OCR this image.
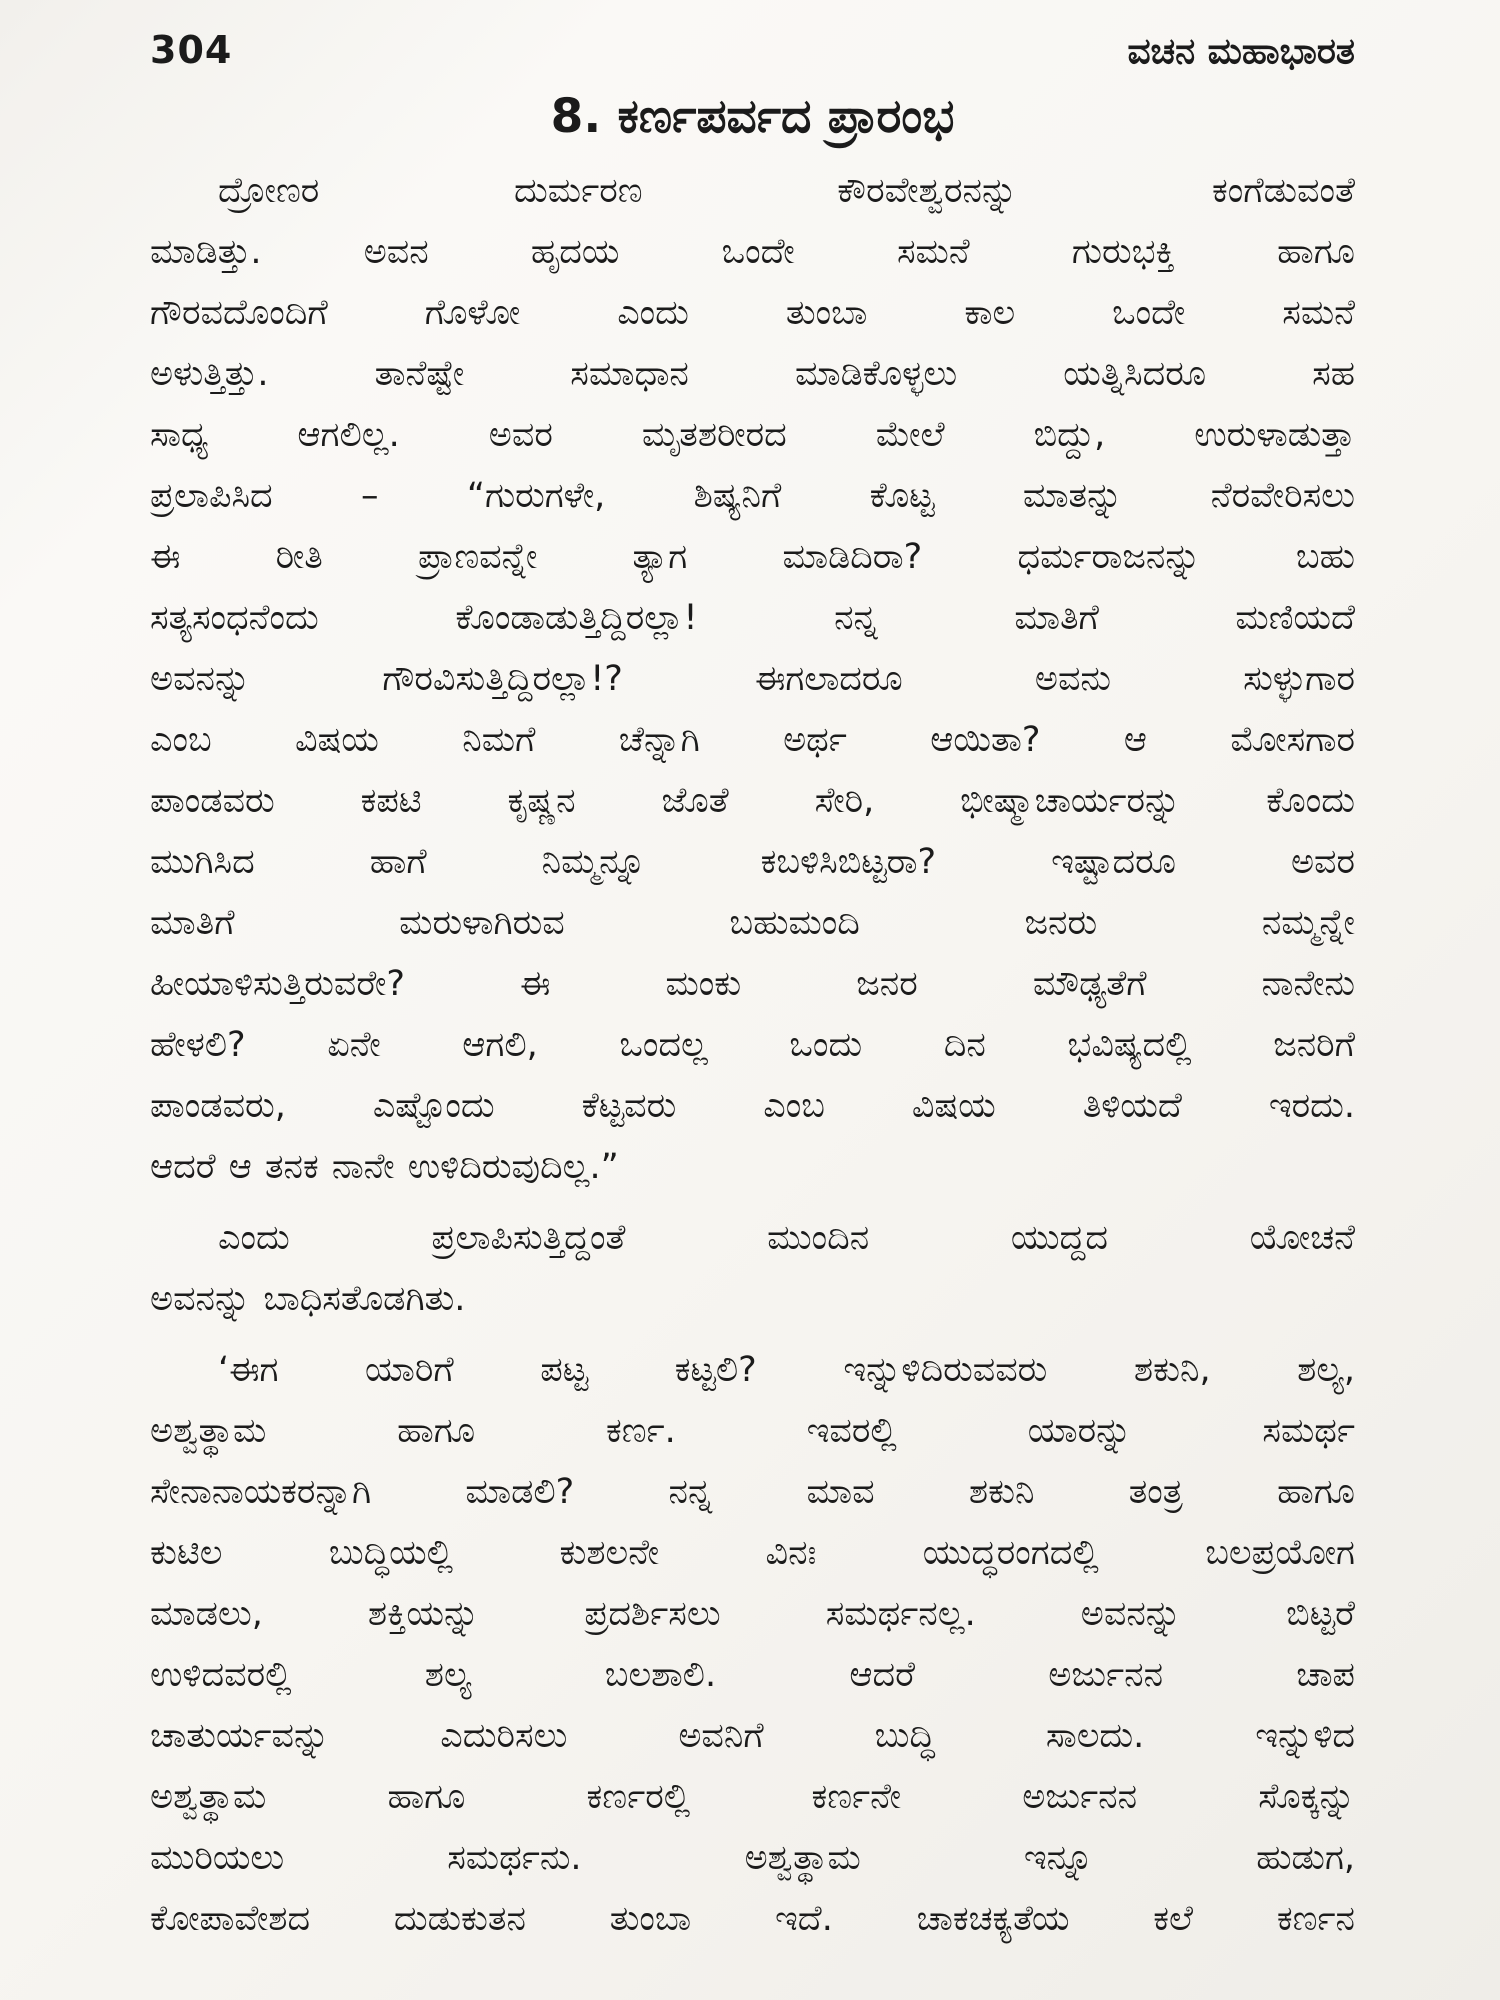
304	ವಚನ ಮಹಾಭಾರತ
8. ಕರ್ಣಪರ್ವದ ಪ್ರಾರಂಭ
ದ್ರೋಣರ ದುರ್ಮರಣ ಕೌರವೇಶ್ವರನನ್ನು ಕಂಗೆಡುವಂತೆ
ಮಾಡಿತ್ತು. ಅವನ ಹೃದಯ ಒಂದೇ ಸಮನೆ ಗುರುಭಕ್ತಿ ಹಾಗೂ
ಗೌರವದೊಂದಿಗೆ ಗೊಳೋ ಎಂದು ತುಂಬಾ ಕಾಲ ಒಂದೇ ಸಮನೆ
ಅಳುತ್ತಿತ್ತು. ತಾನೆಷ್ಟೇ ಸಮಾಧಾನ ಮಾಡಿಕೊಳ್ಳಲು ಯತ್ನಿಸಿದರೂ ಸಹ
ಸಾಧ್ಯ ಆಗಲಿಲ್ಲ. ಅವರ ಮೃತಶರೀರದ ಮೇಲೆ ಬಿದ್ದು, ಉರುಳಾಡುತ್ತಾ
ಪ್ರಲಾಪಿಸಿದ – “ಗುರುಗಳೇ, ಶಿಷ್ಯನಿಗೆ ಕೊಟ್ಟ ಮಾತನ್ನು ನೆರವೇರಿಸಲು
ಈ ರೀತಿ ಪ್ರಾಣವನ್ನೇ ತ್ಯಾಗ ಮಾಡಿದಿರಾ? ಧರ್ಮರಾಜನನ್ನು ಬಹು
ಸತ್ಯಸಂಧನೆಂದು ಕೊಂಡಾಡುತ್ತಿದ್ದಿರಲ್ಲಾ! ನನ್ನ ಮಾತಿಗೆ ಮಣಿಯದೆ
ಅವನನ್ನು ಗೌರವಿಸುತ್ತಿದ್ದಿರಲ್ಲಾ!? ಈಗಲಾದರೂ ಅವನು ಸುಳ್ಳುಗಾರ
ಎಂಬ ವಿಷಯ ನಿಮಗೆ ಚೆನ್ನಾಗಿ ಅರ್ಥ ಆಯಿತಾ? ಆ ಮೋಸಗಾರ
ಪಾಂಡವರು ಕಪಟಿ ಕೃಷ್ಣನ ಜೊತೆ ಸೇರಿ, ಭೀಷ್ಮಾಚಾರ್ಯರನ್ನು ಕೊಂದು
ಮುಗಿಸಿದ ಹಾಗೆ ನಿಮ್ಮನ್ನೂ ಕಬಳಿಸಿಬಿಟ್ಟರಾ? ಇಷ್ಟಾದರೂ ಅವರ
ಮಾತಿಗೆ ಮರುಳಾಗಿರುವ ಬಹುಮಂದಿ ಜನರು ನಮ್ಮನ್ನೇ
ಹೀಯಾಳಿಸುತ್ತಿರುವರೇ? ಈ ಮಂಕು ಜನರ ಮೌಢ್ಯತೆಗೆ ನಾನೇನು
ಹೇಳಲಿ? ಏನೇ ಆಗಲಿ, ಒಂದಲ್ಲ ಒಂದು ದಿನ ಭವಿಷ್ಯದಲ್ಲಿ ಜನರಿಗೆ
ಪಾಂಡವರು, ಎಷ್ಟೊಂದು ಕೆಟ್ಟವರು ಎಂಬ ವಿಷಯ ತಿಳಿಯದೆ ಇರದು.
ಆದರೆ ಆ ತನಕ ನಾನೇ ಉಳಿದಿರುವುದಿಲ್ಲ.”
ಎಂದು ಪ್ರಲಾಪಿಸುತ್ತಿದ್ದಂತೆ ಮುಂದಿನ ಯುದ್ದದ ಯೋಚನೆ
ಅವನನ್ನು ಬಾಧಿಸತೊಡಗಿತು.
‘ಈಗ ಯಾರಿಗೆ ಪಟ್ಟ ಕಟ್ಟಲಿ? ಇನ್ನುಳಿದಿರುವವರು ಶಕುನಿ, ಶಲ್ಯ,
ಅಶ್ವತ್ಥಾಮ ಹಾಗೂ ಕರ್ಣ. ಇವರಲ್ಲಿ ಯಾರನ್ನು ಸಮರ್ಥ
ಸೇನಾನಾಯಕರನ್ನಾಗಿ ಮಾಡಲಿ? ನನ್ನ ಮಾವ ಶಕುನಿ ತಂತ್ರ ಹಾಗೂ
ಕುಟಿಲ ಬುದ್ಧಿಯಲ್ಲಿ ಕುಶಲನೇ ವಿನಃ ಯುದ್ಧರಂಗದಲ್ಲಿ ಬಲಪ್ರಯೋಗ
ಮಾಡಲು, ಶಕ್ತಿಯನ್ನು ಪ್ರದರ್ಶಿಸಲು ಸಮರ್ಥನಲ್ಲ. ಅವನನ್ನು ಬಿಟ್ಟರೆ
ಉಳಿದವರಲ್ಲಿ ಶಲ್ಯ ಬಲಶಾಲಿ. ಆದರೆ ಅರ್ಜುನನ ಚಾಪ
ಚಾತುರ್ಯವನ್ನು ಎದುರಿಸಲು ಅವನಿಗೆ ಬುದ್ಧಿ ಸಾಲದು. ಇನ್ನುಳಿದ
ಅಶ್ವತ್ಥಾಮ ಹಾಗೂ ಕರ್ಣರಲ್ಲಿ ಕರ್ಣನೇ ಅರ್ಜುನನ ಸೊಕ್ಕನ್ನು
ಮುರಿಯಲು ಸಮರ್ಥನು. ಅಶ್ವತ್ಥಾಮ ಇನ್ನೂ ಹುಡುಗ,
ಕೋಪಾವೇಶದ ದುಡುಕುತನ ತುಂಬಾ ಇದೆ. ಚಾಕಚಕ್ಯತೆಯ ಕಲೆ ಕರ್ಣನ
